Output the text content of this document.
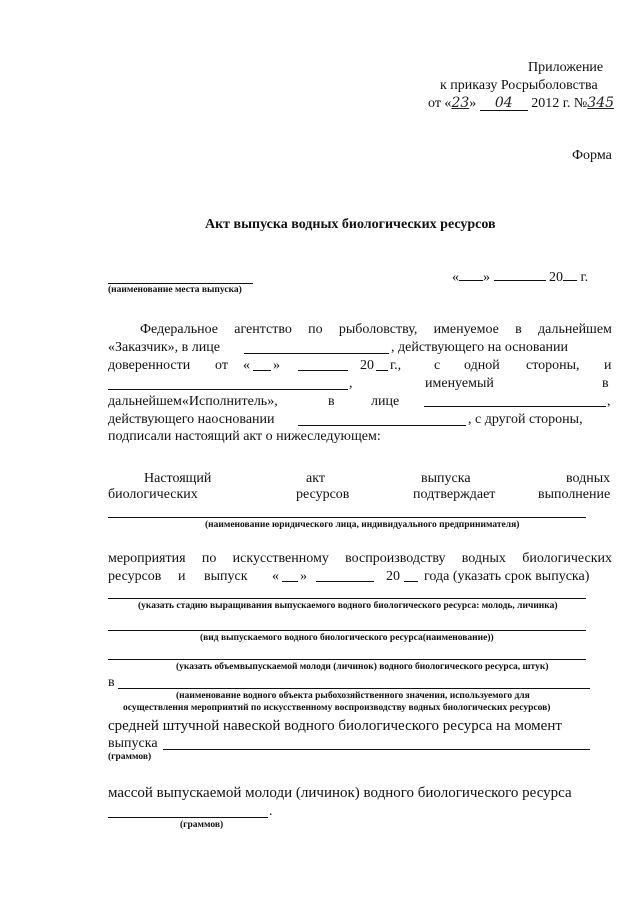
Приложение
к приказу Росрыболовства
от «23» 04 2012 г. №345
Форма
Акт выпуска водных биологических ресурсов
(наименование места выпуска)
« »	20 г.
Федеральное агентство по рыболовству, именуемое в дальнейшем
«Заказчик», в лице	, действующего на основании
доверенности от « »	20 г., с одной стороны, и
,	именуемый	в
дальнейшем«Исполнитель»,	в	лице	,
действующего наосновании	, с другой стороны,
подписали настоящий акт о нижеследующем:
Настоящий	акт	выпуска	водных
биологических	ресурсов	подтверждает	выполнение
(наименование юридического лица, индивидуального предпринимателя)
мероприятия по искусственному воспроизводству водных биологических
ресурсов и выпуск « »	20 года (указать срок выпуска)
(указать стадию выращивания выпускаемого водного биологического ресурса: молодь, личинка)
(вид выпускаемого водного биологического ресурса(наименование))
(указать объемвыпускаемой молоди (личинок) водного биологического ресурса, штук)
в
(наименование водного объекта рыбохозяйственного значения, используемого для
осуществления мероприятий по искусственному воспроизводству водных биологических ресурсов)
средней штучной навеской водного биологического ресурса на момент
выпуска
(граммов)
массой выпускаемой молоди (личинок) водного биологического ресурса
.
(граммов)
